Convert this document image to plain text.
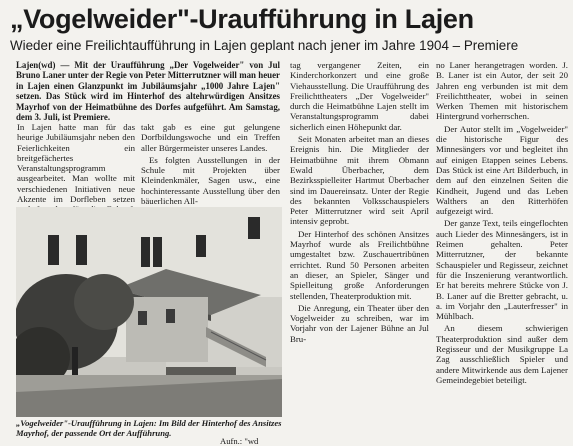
„Vogelweider"-Uraufführung in Lajen
Wieder eine Freilichtaufführung in Lajen geplant nach jener im Jahre 1904 – Premiere
Lajen(wd) — Mit der Uraufführung „Der Vogelweider" von Jul Bruno Laner unter der Regie von Peter Mitterrutzner will man heuer in Lajen einen Glanzpunkt im Jubiläumsjahr „1000 Jahre Lajen" setzen. Das Stück wird im Hinterhof des altehrwürdigen Ansitzes Mayrhof von der Heimatbühne des Dorfes aufgeführt. Am Samstag, dem 3. Juli, ist Premiere.

In Lajen hatte man für das heurige Jubiläumsjahr neben den Feierlichkeiten ein breitgefächertes Veranstaltungsprogramm ausgearbeitet. Man wollte mit verschiedenen Initiativen neue Akzente im Dorfleben setzen

takt gab es eine gut gelungene Dorfbildungswoche und ein Treffen aller Bürgermeister unseres Landes.

Es folgten Ausstellungen in der Schule mit Projekten über Kleindenkmäler, Sagen usw., eine hochinteressante Ausstellung über den bäuerlichen All-

„Vogelweider"-Uraufführung in Lajen: Im Bild der Hinterhof des Ansitzes Mayrhof, der passende Ort der Aufführung.
Aufn.: "wd

tag vergangener Zeiten, ein Kinderchorkonzert und eine große Viehausstellung. Die Uraufführung des Freilichttheaters „Der Vogelweider" durch die Heimatbühne Lajen stellt im Veranstaltungsprogramm dabei sicherlich einen Höhepunkt dar.

Seit Monaten arbeitet man an dieses Ereignis hin. Die Mitglieder der Heimatbühne mit ihrem Obmann Ewald Überbacher, dem Bezirksspielleiter Hartmut Überbacher sind im Dauereinsatz. Unter der Regie des bekannten Volksschauspielers Peter Mitterrutzner wird seit April intensiv geprobt.

Der Hinterhof des schönen Ansitzes Mayrhof wurde als Freilichtbühne umgestaltet bzw. Zuschauertribünen errichtet. Rund 50 Personen arbeiten an dieser, an Spieler, Sänger und Spielleitung große Anforderungen stellenden, Theaterproduktion mit.

Die Anregung, ein Theater über den Vogelweider zu schreiben, war im Vorjahr von der Lajener Bühne an Jul Bru-

no Laner herangetragen worden. J. B. Laner ist ein Autor, der seit 20 Jahren eng verbunden ist mit dem Freilichttheater, wobei in seinen Werken Themen mit historischem Hintergrund vorherrschen.

Der Autor stellt im „Vogelweider" die historische Figur des Minnesängers vor und begleitet ihn auf einigen Etappen seines Lebens. Das Stück ist eine Art Bilderbuch, in dem auf den einzelnen Seiten die Kindheit, Jugend und das Leben Walthers an den Ritterhöfen aufgezeigt wird.

Der ganze Text, teils eingeflochten auch Lieder des Minnesängers, ist in Reimen gehalten. Peter Mitterrutzner, der bekannte Schauspieler und Regisseur, zeichnet für die Inszenierung verantwortlich. Er hat bereits mehrere Stücke von J. B. Laner auf die Bretter gebracht, u. a. im Vorjahr den „Lauterfresser" in Mühlbach.

An diesem schwierigen Theaterproduktion sind außer dem Regisseur und der Musikgruppe La Zag ausschließlich Spieler und andere Mitwirkende aus dem Lajener Gemeindegebiet beteiligt.
